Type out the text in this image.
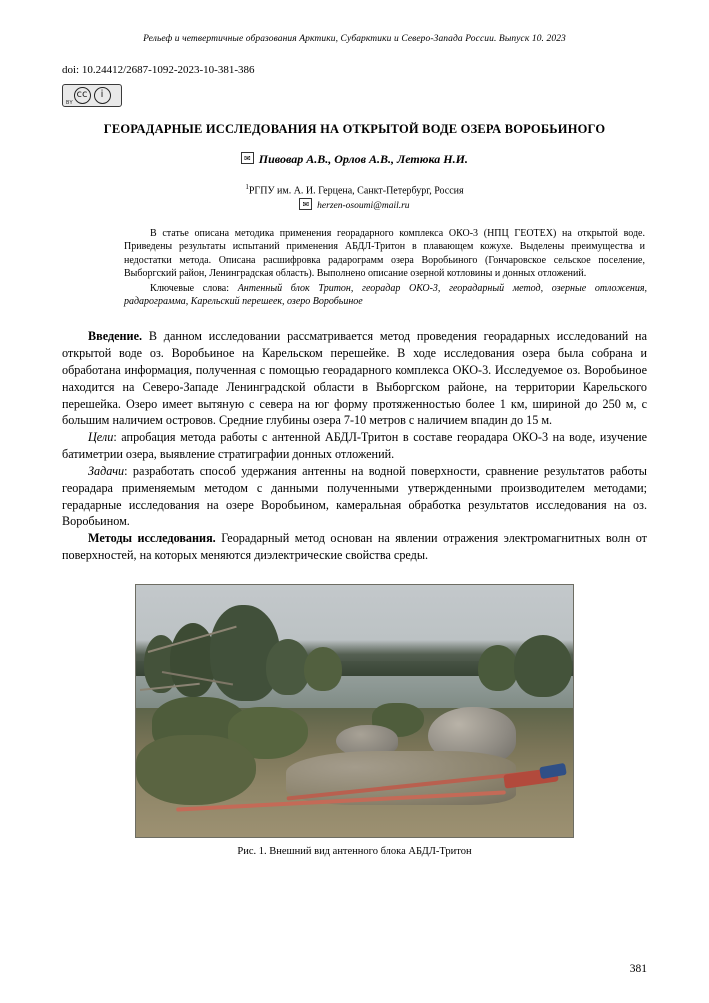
Рельеф и четвертичные образования Арктики, Субарктики и Северо-Запада России. Выпуск 10. 2023
doi: 10.24412/2687-1092-2023-10-381-386
cc	i
BY
ГЕОРАДАРНЫЕ ИССЛЕДОВАНИЯ НА ОТКРЫТОЙ ВОДЕ ОЗЕРА ВОРОБЬИНОГО
✉ Пивовар А.В., Орлов А.В., Летюка Н.И.
$^1$РГПУ им. А. И. Герцена, Санкт-Петербург, Россия
✉ herzen-osoumi@mail.ru

В статье описана методика применения георадарного комплекса ОКО-3 (НПЦ ГЕОТЕХ) на открытой воде. Приведены результаты испытаний применения АБДЛ-Тритон в плавающем кожухе. Выделены преимущества и недостатки метода. Описана расшифровка радарограмм озера Воробьиного (Гончаровское сельское поселение, Выборгский район, Ленинградская область). Выполнено описание озерной котловины и донных отложений.

Ключевые слова: Антенный блок Тритон, георадар ОКО-3, георадарный метод, озерные отложения, радарограмма, Карельский перешеек, озеро Воробьиное

Введение. В данном исследовании рассматривается метод проведения георадарных исследований на открытой воде оз. Воробьиное на Карельском перешейке. В ходе исследования озера была собрана и обработана информация, полученная с помощью георадарного комплекса ОКО-3. Исследуемое оз. Воробьиное находится на Северо-Западе Ленинградской области в Выборгском районе, на территории Карельского перешейка. Озеро имеет вытяную с севера на юг форму протяженностью более 1 км, шириной до 250 м, с большим наличием островов. Средние глубины озера 7-10 метров с наличием впадин до 15 м.

Цели: апробация метода работы с антенной АБДЛ-Тритон в составе георадара ОКО-3 на воде, изучение батиметрии озера, выявление стратиграфии донных отложений.

Задачи: разработать способ удержания антенны на водной поверхности, сравнение результатов работы георадара применяемым методом с данными полученными утвержденными производителем методами; герадарные исследования на озере Воробьином, камеральная обработка результатов исследования на оз. Воробьином.

Методы исследования. Георадарный метод основан на явлении отражения электромагнитных волн от поверхностей, на которых меняются диэлектрические свойства среды.

Рис. 1. Внешний вид антенного блока АБДЛ-Тритон
381
